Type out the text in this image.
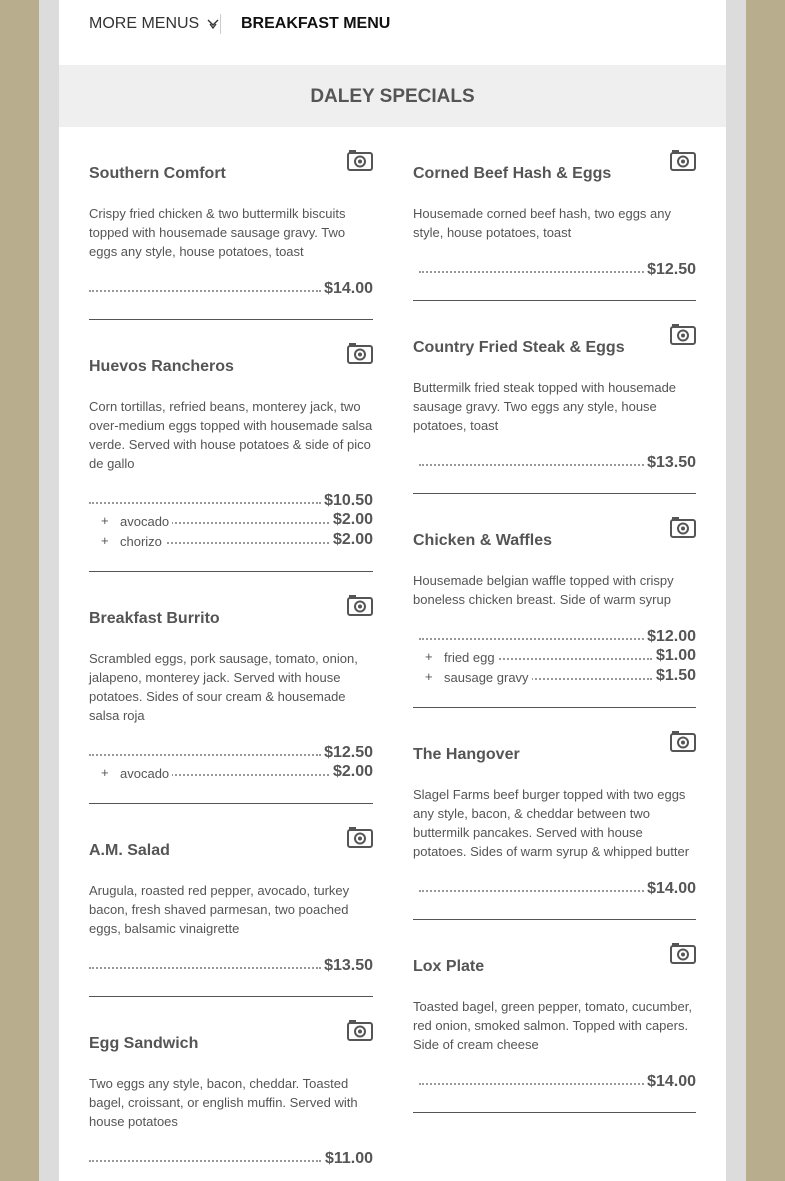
MORE MENUS	BREAKFAST MENU
DALEY SPECIALS
Southern Comfort
Crispy fried chicken & two buttermilk biscuits topped with housemade sausage gravy. Two eggs any style, house potatoes, toast
$14.00
Huevos Rancheros
Corn tortillas, refried beans, monterey jack, two over-medium eggs topped with housemade salsa verde. Served with house potatoes & side of pico de gallo
$10.50
+ avocado	$2.00
+ chorizo	$2.00
Breakfast Burrito
Scrambled eggs, pork sausage, tomato, onion, jalapeno, monterey jack. Served with house potatoes. Sides of sour cream & housemade salsa roja
$12.50
+ avocado	$2.00
A.M. Salad
Arugula, roasted red pepper, avocado, turkey bacon, fresh shaved parmesan, two poached eggs, balsamic vinaigrette
$13.50
Egg Sandwich
Two eggs any style, bacon, cheddar. Toasted bagel, croissant, or english muffin. Served with house potatoes
$11.00
Corned Beef Hash & Eggs
Housemade corned beef hash, two eggs any style, house potatoes, toast
$12.50
Country Fried Steak & Eggs
Buttermilk fried steak topped with housemade sausage gravy. Two eggs any style, house potatoes, toast
$13.50
Chicken & Waffles
Housemade belgian waffle topped with crispy boneless chicken breast. Side of warm syrup
$12.00
+ fried egg	$1.00
+ sausage gravy	$1.50
The Hangover
Slagel Farms beef burger topped with two eggs any style, bacon, & cheddar between two buttermilk pancakes. Served with house potatoes. Sides of warm syrup & whipped butter
$14.00
Lox Plate
Toasted bagel, green pepper, tomato, cucumber, red onion, smoked salmon. Topped with capers. Side of cream cheese
$14.00
